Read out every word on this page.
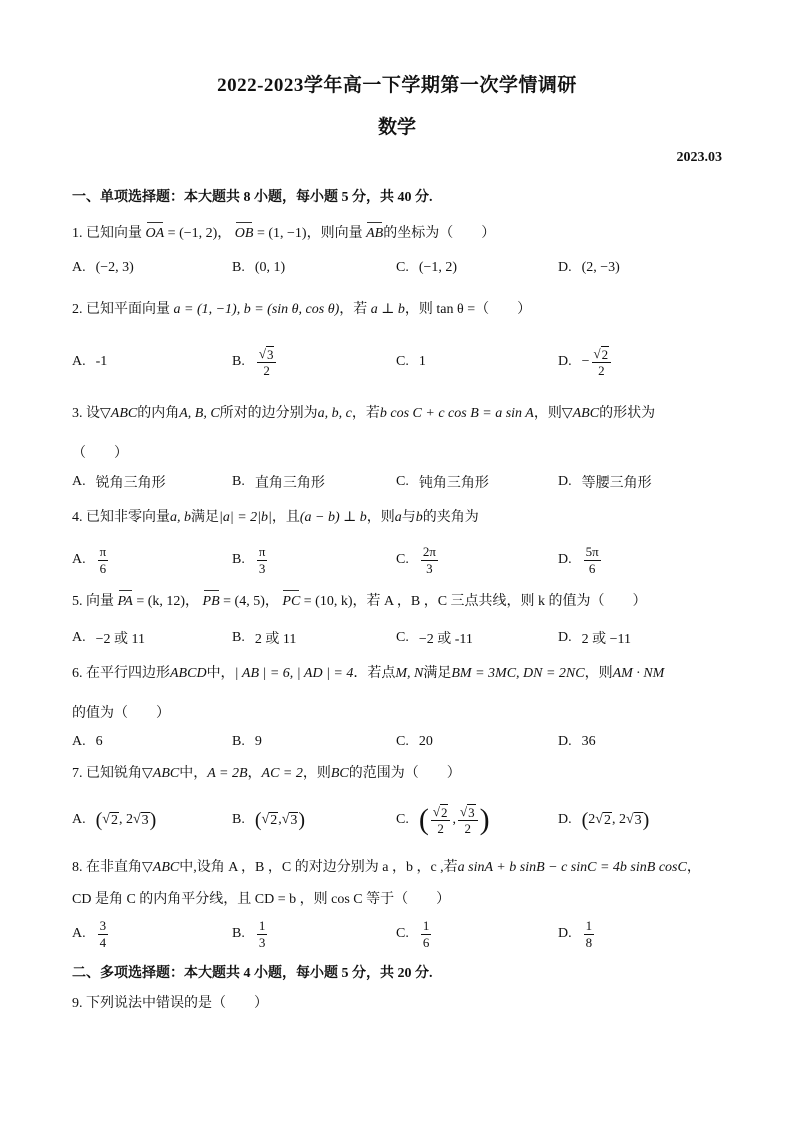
2022-2023学年高一下学期第一次学情调研
数学
2023.03
一、单项选择题：本大题共 8 小题，每小题 5 分，共 40 分.
1. 已知向量 OA = (−1, 2)， OB = (1, −1)，则向量 AB的坐标为（　　）
A. (−2, 3)	B. (0, 1)	C. (−1, 2)	D. (2, −3)
2. 已知平面向量 a = (1, −1), b = (sin θ, cos θ)，若 a ⊥ b，则 tan θ =（　　）
A. -1	B. $\frac{√ 3}{2}$	C. 1	D. − $\frac{√ 2}{2}$
3. 设▽ABC的内角A, B, C所对的边分别为a, b, c，若b cos C + c cos B = a sin A，则▽ABC的形状为
（　　）
A. 锐角三角形	B. 直角三角形	C. 钝角三角形	D. 等腰三角形
4. 已知非零向量a, b满足|a| = 2|b|，且(a − b) ⊥ b，则a与b的夹角为
A. $\frac{\pi}{6}$	B. $\frac{\pi}{3}$	C. $\frac{2\pi}{3}$	D. $\frac{5\pi}{6}$
5. 向量 PA = (k, 12)， PB = (4, 5)， PC = (10, k)，若 A ，B ，C 三点共线，则 k 的值为（　　）
A. −2 或 11	B. 2 或 11	C. −2 或 -11	D. 2 或 −11
6. 在平行四边形ABCD中，| AB | = 6, | AD | = 4．若点M, N满足BM = 3MC, DN = 2NC，则AM · NM
的值为（　　）
A. 6	B. 9	C. 20	D. 36
7. 已知锐角▽ABC中，A = 2B，AC = 2，则BC的范围为（　　）
A. ( √ 2 , 2 √ 3 )	B. ( √ 2 , √ 3 )	C. ( $\frac{√ 2}{2}$ , $\frac{√ 3}{2}$ )	D. ( 2 √ 2 , 2 √ 3 )
8. 在非直角▽ABC中,设角 A ，B ，C 的对边分别为 a ，b ，c ,若a sinA + b sinB − c sinC = 4b sinB cosC，
CD 是角 C 的内角平分线，且 CD = b ，则 cos C 等于（　　）
A. $\frac{3}{4}$	B. $\frac{1}{3}$	C. $\frac{1}{6}$	D. $\frac{1}{8}$
二、多项选择题：本大题共 4 小题，每小题 5 分，共 20 分.
9. 下列说法中错误的是（　　）
